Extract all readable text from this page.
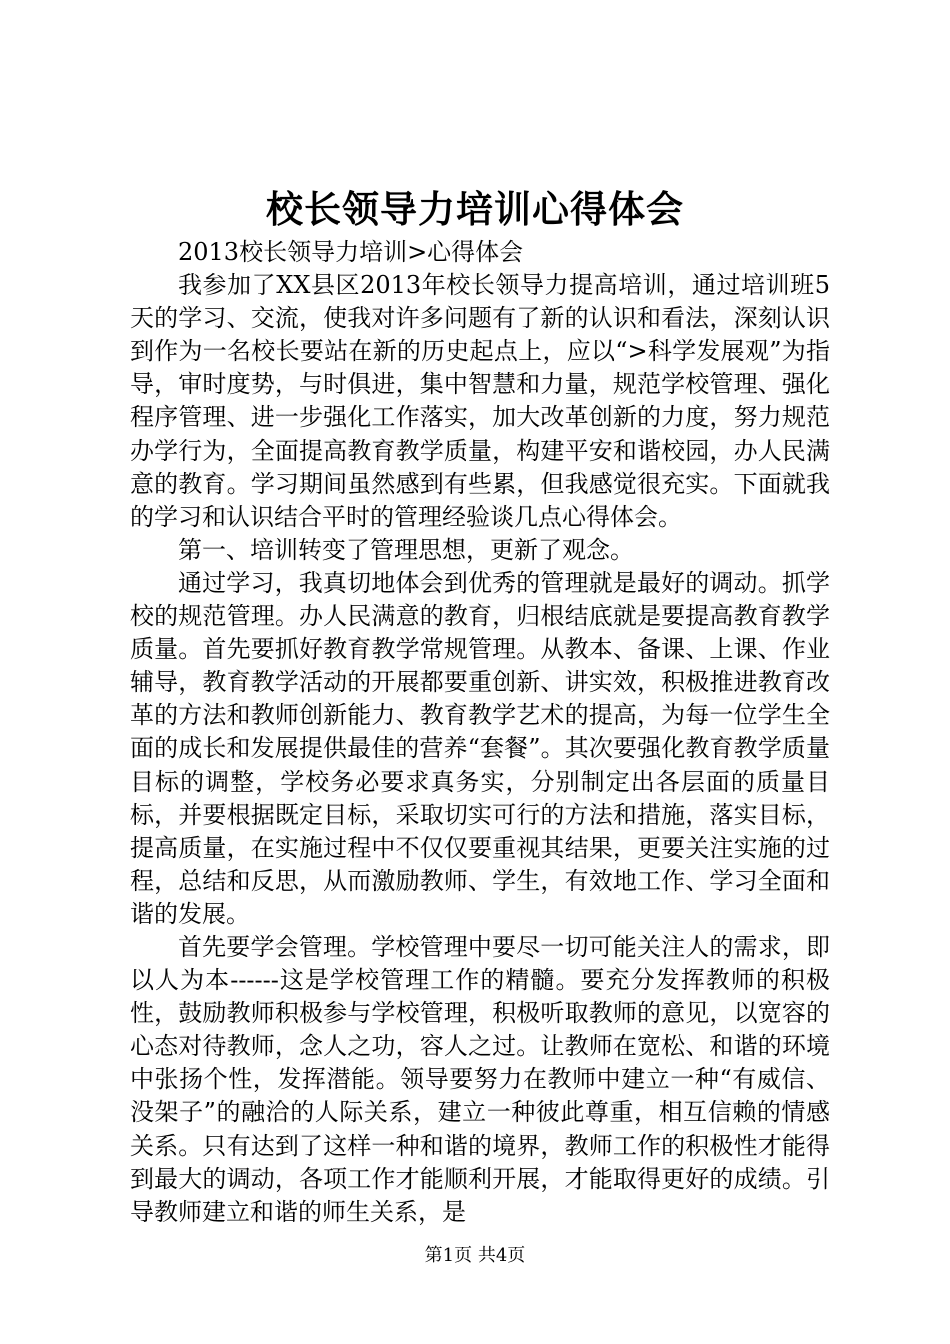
校长领导力培训心得体会

2013校长领导力培训>心得体会

我参加了XX县区2013年校长领导力提高培训，通过培训班5天的学习、交流，使我对许多问题有了新的认识和看法，深刻认识到作为一名校长要站在新的历史起点上，应以“>科学发展观”为指导，审时度势，与时俱进，集中智慧和力量，规范学校管理、强化程序管理、进一步强化工作落实，加大改革创新的力度，努力规范办学行为，全面提高教育教学质量，构建平安和谐校园，办人民满意的教育。学习期间虽然感到有些累，但我感觉很充实。下面就我的学习和认识结合平时的管理经验谈几点心得体会。

第一、培训转变了管理思想，更新了观念。

通过学习，我真切地体会到优秀的管理就是最好的调动。抓学校的规范管理。办人民满意的教育，归根结底就是要提高教育教学质量。首先要抓好教育教学常规管理。从教本、备课、上课、作业辅导，教育教学活动的开展都要重创新、讲实效，积极推进教育改革的方法和教师创新能力、教育教学艺术的提高，为每一位学生全面的成长和发展提供最佳的营养“套餐”。其次要强化教育教学质量目标的调整，学校务必要求真务实，分别制定出各层面的质量目标，并要根据既定目标，采取切实可行的方法和措施，落实目标，提高质量，在实施过程中不仅仅要重视其结果，更要关注实施的过程，总结和反思，从而激励教师、学生，有效地工作、学习全面和谐的发展。

首先要学会管理。学校管理中要尽一切可能关注人的需求，即以人为本------这是学校管理工作的精髓。要充分发挥教师的积极性，鼓励教师积极参与学校管理，积极听取教师的意见，以宽容的心态对待教师，念人之功，容人之过。让教师在宽松、和谐的环境中张扬个性，发挥潜能。领导要努力在教师中建立一种“有威信、没架子”的融洽的人际关系，建立一种彼此尊重，相互信赖的情感关系。只有达到了这样一种和谐的境界，教师工作的积极性才能得到最大的调动，各项工作才能顺利开展，才能取得更好的成绩。引导教师建立和谐的师生关系，是

第1页 共4页
